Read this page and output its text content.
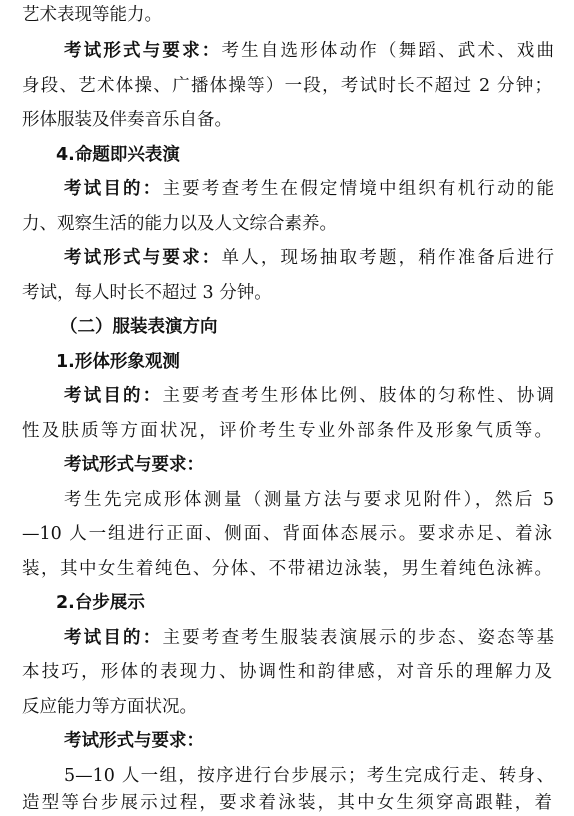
艺术表现等能力。
考试形式与要求：考生自选形体动作（舞蹈、武术、戏曲
身段、艺术体操、广播体操等）一段，考试时长不超过 2 分钟；
形体服装及伴奏音乐自备。
4.命题即兴表演
考试目的：主要考查考生在假定情境中组织有机行动的能
力、观察生活的能力以及人文综合素养。
考试形式与要求：单人，现场抽取考题，稍作准备后进行
考试，每人时长不超过 3 分钟。
（二）服装表演方向
1.形体形象观测
考试目的：主要考查考生形体比例、肢体的匀称性、协调
性及肤质等方面状况，评价考生专业外部条件及形象气质等。
考试形式与要求：
考生先完成形体测量（测量方法与要求见附件），然后 5
—10 人一组进行正面、侧面、背面体态展示。要求赤足、着泳
装，其中女生着纯色、分体、不带裙边泳装，男生着纯色泳裤。
2.台步展示
考试目的：主要考查考生服装表演展示的步态、姿态等基
本技巧，形体的表现力、协调性和韵律感，对音乐的理解力及
反应能力等方面状况。
考试形式与要求：
5—10 人一组，按序进行台步展示；考生完成行走、转身、
造型等台步展示过程，要求着泳装，其中女生须穿高跟鞋，着
